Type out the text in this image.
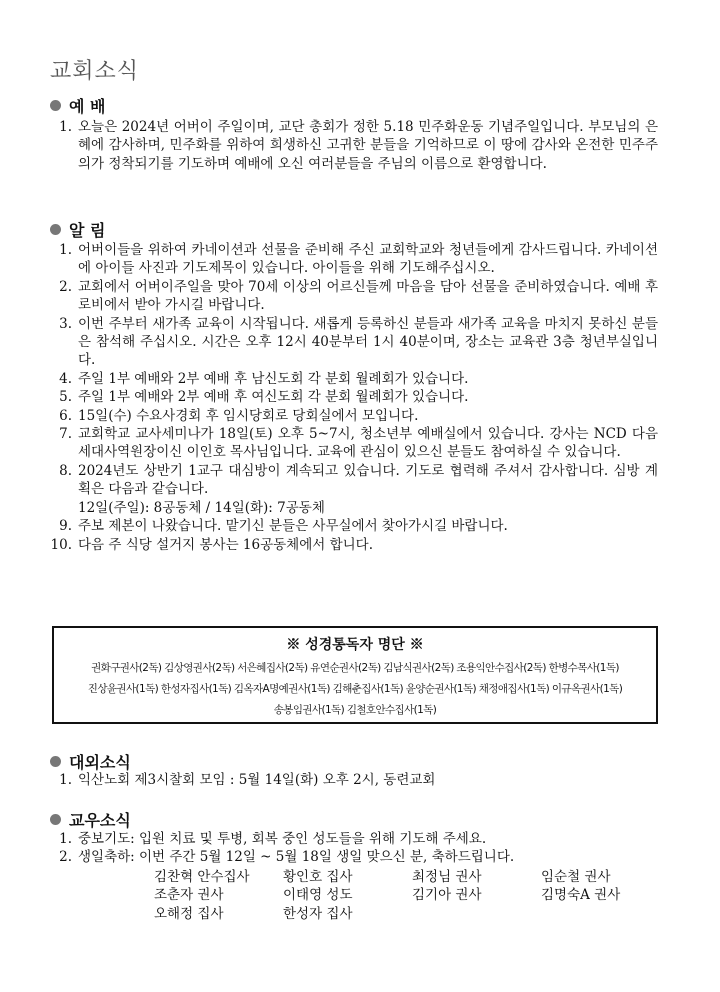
교회소식
예 배
1. 오늘은 2024년 어버이 주일이며, 교단 총회가 정한 5.18 민주화운동 기념주일입니다. 부모님의 은혜에 감사하며, 민주화를 위하여 희생하신 고귀한 분들을 기억하므로 이 땅에 감사와 온전한 민주주의가 정착되기를 기도하며 예배에 오신 여러분들을 주님의 이름으로 환영합니다.
알 림
1. 어버이들을 위하여 카네이션과 선물을 준비해 주신 교회학교와 청년들에게 감사드립니다. 카네이션에 아이들 사진과 기도제목이 있습니다. 아이들을 위해 기도해주십시오.
2. 교회에서 어버이주일을 맞아 70세 이상의 어르신들께 마음을 담아 선물을 준비하였습니다. 예배 후 로비에서 받아 가시길 바랍니다.
3. 이번 주부터 새가족 교육이 시작됩니다. 새롭게 등록하신 분들과 새가족 교육을 마치지 못하신 분들은 참석해 주십시오. 시간은 오후 12시 40분부터 1시 40분이며, 장소는 교육관 3층 청년부실입니다.
4. 주일 1부 예배와 2부 예배 후 남신도회 각 분회 월례회가 있습니다.
5. 주일 1부 예배와 2부 예배 후 여신도회 각 분회 월례회가 있습니다.
6. 15일(수) 수요사경회 후 임시당회로 당회실에서 모입니다.
7. 교회학교 교사세미나가 18일(토) 오후 5~7시, 청소년부 예배실에서 있습니다. 강사는 NCD 다음세대사역원장이신 이인호 목사님입니다. 교육에 관심이 있으신 분들도 참여하실 수 있습니다.
8. 2024년도 상반기 1교구 대심방이 계속되고 있습니다. 기도로 협력해 주셔서 감사합니다. 심방 계획은 다음과 같습니다.
12일(주일): 8공동체 / 14일(화): 7공동체
9. 주보 제본이 나왔습니다. 맡기신 분들은 사무실에서 찾아가시길 바랍니다.
10. 다음 주 식당 설거지 봉사는 16공동체에서 합니다.
※ 성경통독자 명단 ※
권화구권사(2독) 김상영권사(2독) 서은혜집사(2독) 유연순권사(2독) 김남식권사(2독) 조용익안수집사(2독) 한병수목사(1독)
진상윤권사(1독) 한성자집사(1독) 김옥자A명예권사(1독) 김해춘집사(1독) 윤양순권사(1독) 채정애집사(1독) 이규옥권사(1독)
송봉임권사(1독) 김철호안수집사(1독)
대외소식
1. 익산노회 제3시찰회 모임 : 5월 14일(화) 오후 2시, 동련교회
교우소식
1. 중보기도: 입원 치료 및 투병, 회복 중인 성도들을 위해 기도해 주세요.
2. 생일축하: 이번 주간 5월 12일 ~ 5월 18일 생일 맞으신 분, 축하드립니다.
김찬혁 안수집사	황인호 집사	최정님 권사	임순철 권사
조춘자 권사	이태영 성도	김기아 권사	김명숙A 권사
오해정 집사	한성자 집사
